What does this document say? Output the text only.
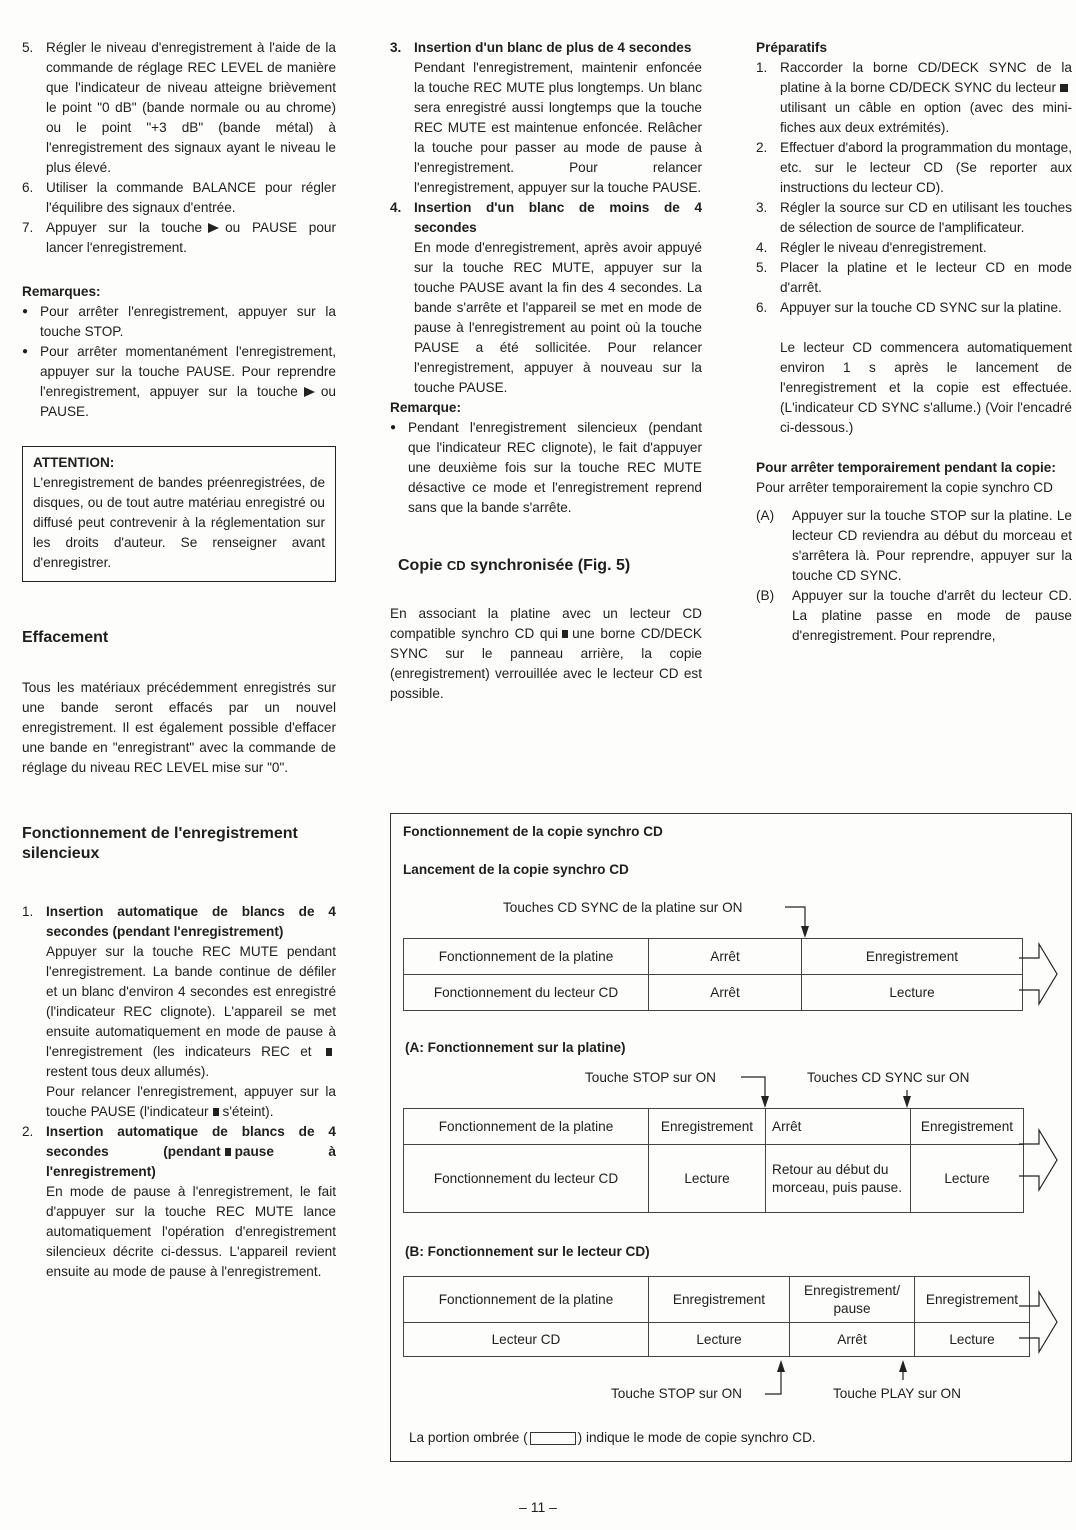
5. Régler le niveau d'enregistrement à l'aide de la commande de réglage REC LEVEL de manière que l'indicateur de niveau atteigne brièvement le point "0 dB" (bande normale ou au chrome) ou le point "+3 dB" (bande métal) à l'enregistrement des signaux ayant le niveau le plus élevé.
6. Utiliser la commande BALANCE pour régler l'équilibre des signaux d'entrée.
7. Appuyer sur la touche ou PAUSE pour lancer l'enregistrement.
Remarques:
● Pour arrêter l'enregistrement, appuyer sur la touche STOP.
● Pour arrêter momentanément l'enregistrement, appuyer sur la touche PAUSE. Pour reprendre l'enregistrement, appuyer sur la touche ou PAUSE.
ATTENTION:
L'enregistrement de bandes préenregistrées, de disques, ou de tout autre matériau enregistré ou diffusé peut contrevenir à la réglementation sur les droits d'auteur. Se renseigner avant d'enregistrer.
Effacement
Tous les matériaux précédemment enregistrés sur une bande seront effacés par un nouvel enregistrement. Il est également possible d'effacer une bande en "enregistrant" avec la commande de réglage du niveau REC LEVEL mise sur "0".
Fonctionnement de l'enregistrement silencieux
1. Insertion automatique de blancs de 4 secondes (pendant l'enregistrement)
Appuyer sur la touche REC MUTE pendant l'enregistrement. La bande continue de défiler et un blanc d'environ 4 secondes est enregistré (l'indicateur REC clignote). L'appareil se met ensuite automatiquement en mode de pause à l'enregistrement (les indicateurs REC et restent tous deux allumés).
Pour relancer l'enregistrement, appuyer sur la touche PAUSE (l'indicateur s'éteint).
2. Insertion automatique de blancs de 4 secondes (pendant pause à l'enregistrement)
En mode de pause à l'enregistrement, le fait d'appuyer sur la touche REC MUTE lance automatiquement l'opération d'enregistrement silencieux décrite ci-dessus. L'appareil revient ensuite au mode de pause à l'enregistrement.
3. Insertion d'un blanc de plus de 4 secondes
Pendant l'enregistrement, maintenir enfoncée la touche REC MUTE plus longtemps. Un blanc sera enregistré aussi longtemps que la touche REC MUTE est maintenue enfoncée. Relâcher la touche pour passer au mode de pause à l'enregistrement. Pour relancer l'enregistrement, appuyer sur la touche PAUSE.
4. Insertion d'un blanc de moins de 4 secondes
En mode d'enregistrement, après avoir appuyé sur la touche REC MUTE, appuyer sur la touche PAUSE avant la fin des 4 secondes. La bande s'arrête et l'appareil se met en mode de pause à l'enregistrement au point où la touche PAUSE a été sollicitée. Pour relancer l'enregistrement, appuyer à nouveau sur la touche PAUSE.
Remarque:
● Pendant l'enregistrement silencieux (pendant que l'indicateur REC clignote), le fait d'appuyer une deuxième fois sur la touche REC MUTE désactive ce mode et l'enregistrement reprend sans que la bande s'arrête.
Copie CD synchronisée (Fig. 5)
En associant la platine avec un lecteur CD compatible synchro CD qui une borne CD/DECK SYNC sur le panneau arrière, la copie (enregistrement) verrouillée avec le lecteur CD est possible.
Préparatifs
1. Raccorder la borne CD/DECK SYNC de la platine à la borne CD/DECK SYNC du lecteurutilisant un câble en option (avec des mini-fiches aux deux extrémités).
2. Effectuer d'abord la programmation du montage, etc. sur le lecteur CD (Se reporter aux instructions du lecteur CD).
3. Régler la source sur CD en utilisant les touches de sélection de source de l'amplificateur.
4. Régler le niveau d'enregistrement.
5. Placer la platine et le lecteur CD en mode d'arrêt.
6. Appuyer sur la touche CD SYNC sur la platine.
Le lecteur CD commencera automatiquement environ 1 s après le lancement de l'enregistrement et la copie est effectuée. (L'indicateur CD SYNC s'allume.) (Voir l'encadré ci-dessous.)
Pour arrêter temporairement pendant la copie:
Pour arrêter temporairement la copie synchro CD
(A) Appuyer sur la touche STOP sur la platine. Le lecteur CD reviendra au début du morceau et s'arrêtera là. Pour reprendre, appuyer sur la touche CD SYNC.
(B) Appuyer sur la touche d'arrêt du lecteur CD. La platine passe en mode de pause d'enregistrement. Pour reprendre,
Fonctionnement de la copie synchro CD
Lancement de la copie synchro CD
Touches CD SYNC de la platine sur ON
Fonctionnement de la platine	Arrêt	Enregistrement
Fonctionnement du lecteur CD	Arrêt	Lecture
(A: Fonctionnement sur la platine)
Touche STOP sur ON	Touches CD SYNC sur ON
Fonctionnement de la platine	Enregistrement	Arrêt	Enregistrement
Fonctionnement du lecteur CD	Lecture	Retour au début du morceau, puis pause.	Lecture
(B: Fonctionnement sur le lecteur CD)
Fonctionnement de la platine	Enregistrement	Enregistrement/ pause	Enregistrement
Lecteur CD	Lecture	Arrêt	Lecture
Touche STOP sur ON	Touche PLAY sur ON
La portion ombrée (	) indique le mode de copie synchro CD.
– 11 –
